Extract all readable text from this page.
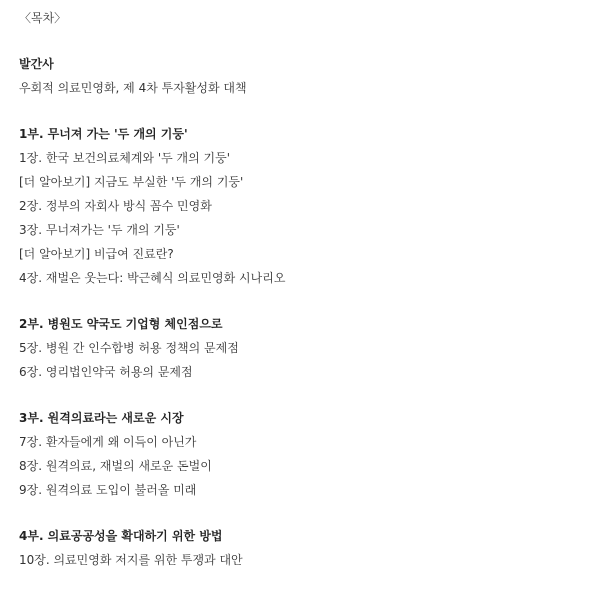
〈목차〉
발간사
우회적 의료민영화, 제 4차 투자활성화 대책
1부. 무너져 가는 '두 개의 기둥'
1장. 한국 보건의료체계와 '두 개의 기둥'
[더 알아보기] 지금도 부실한 '두 개의 기둥'
2장. 정부의 자회사 방식 꼼수 민영화
3장. 무너져가는 '두 개의 기둥'
[더 알아보기] 비급여 진료란?
4장. 재벌은 웃는다: 박근혜식 의료민영화 시나리오
2부. 병원도 약국도 기업형 체인점으로
5장. 병원 간 인수합병 허용 정책의 문제점
6장. 영리법인약국 허용의 문제점
3부. 원격의료라는 새로운 시장
7장. 환자들에게 왜 이득이 아닌가
8장. 원격의료, 재벌의 새로운 돈벌이
9장. 원격의료 도입이 불러올 미래
4부. 의료공공성을 확대하기 위한 방법
10장. 의료민영화 저지를 위한 투쟁과 대안
